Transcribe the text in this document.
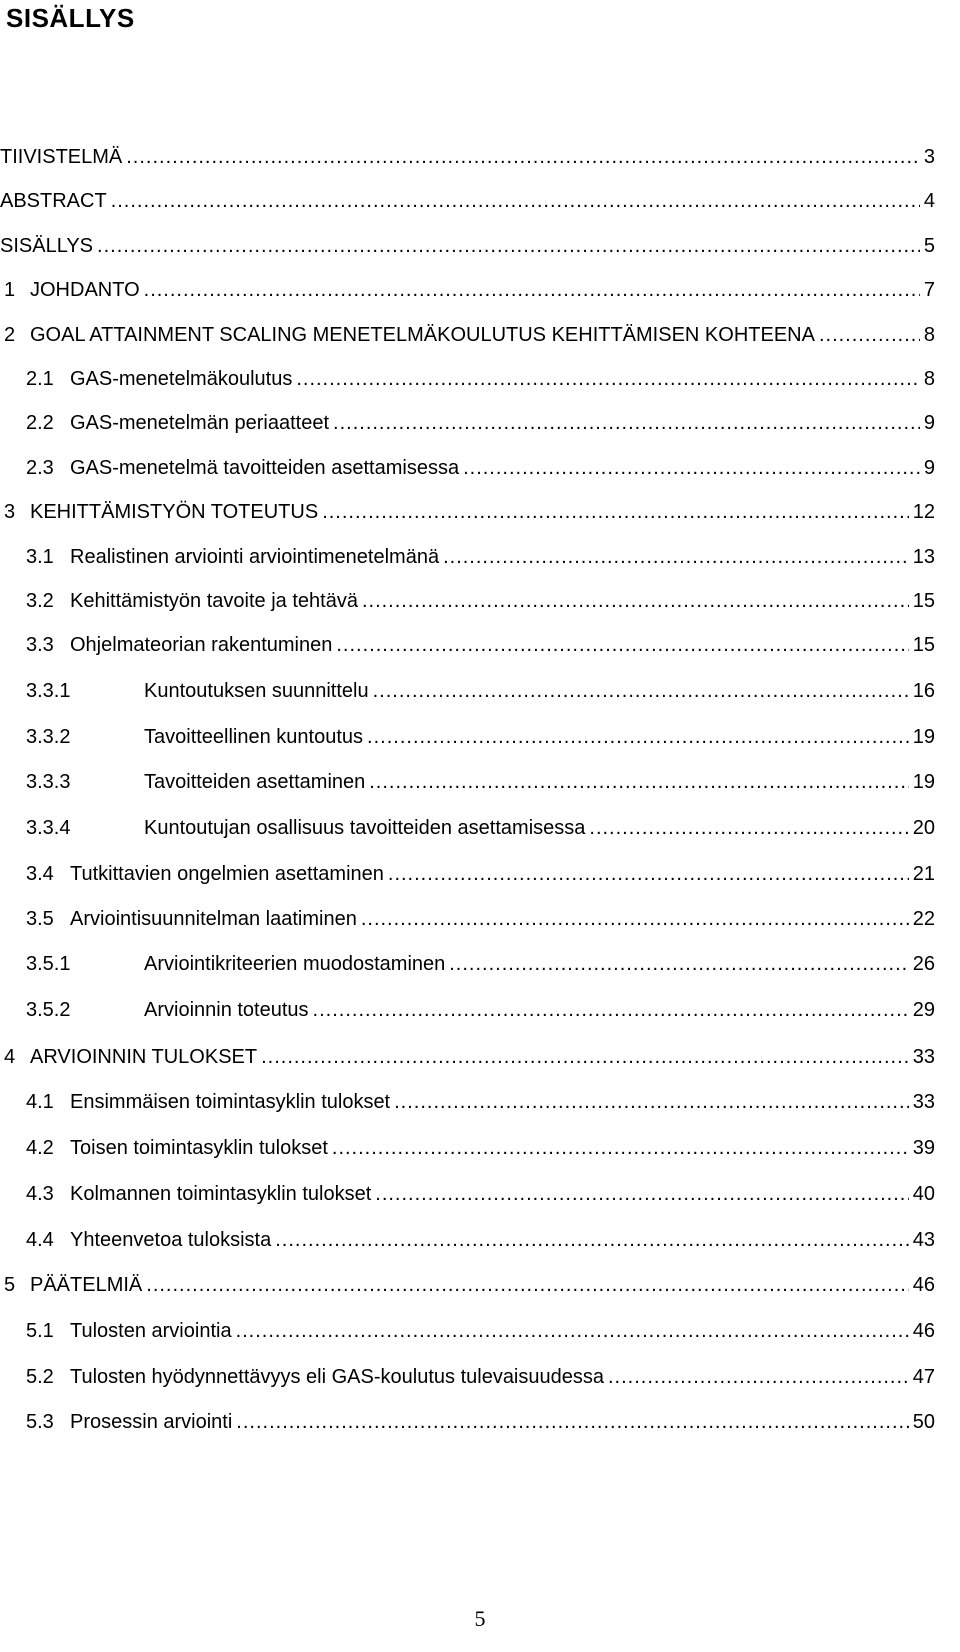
SISÄLLYS
TIIVISTELMÄ .....	3
ABSTRACT .....	4
SISÄLLYS .....	5
1 JOHDANTO .....	7
2 GOAL ATTAINMENT SCALING MENETELMÄKOULUTUS KEHITTÄMISEN KOHTEENA .....	8
2.1 GAS-menetelmäkoulutus .....	8
2.2 GAS-menetelmän periaatteet .....	9
2.3 GAS-menetelmä tavoitteiden asettamisessa .....	9
3 KEHITTÄMISTYÖN TOTEUTUS .....	12
3.1 Realistinen arviointi arviointimenetelmänä .....	13
3.2 Kehittämistyön tavoite ja tehtävä .....	15
3.3 Ohjelmateorian rakentuminen .....	15
3.3.1	Kuntoutuksen suunnittelu .....	16
3.3.2	Tavoitteellinen kuntoutus .....	19
3.3.3	Tavoitteiden asettaminen .....	19
3.3.4	Kuntoutujan osallisuus tavoitteiden asettamisessa .....	20
3.4 Tutkittavien ongelmien asettaminen .....	21
3.5 Arviointisuunnitelman laatiminen .....	22
3.5.1	Arviointikriteerien muodostaminen .....	26
3.5.2	Arvioinnin toteutus .....	29
4 ARVIOINNIN TULOKSET .....	33
4.1 Ensimmäisen toimintasyklin tulokset .....	33
4.2 Toisen toimintasyklin tulokset .....	39
4.3 Kolmannen toimintasyklin tulokset .....	40
4.4 Yhteenvetoa tuloksista .....	43
5 PÄÄTELMIÄ .....	46
5.1 Tulosten arviointia .....	46
5.2 Tulosten hyödynnettävyys eli GAS-koulutus tulevaisuudessa .....	47
5.3 Prosessin arviointi .....	50
5
